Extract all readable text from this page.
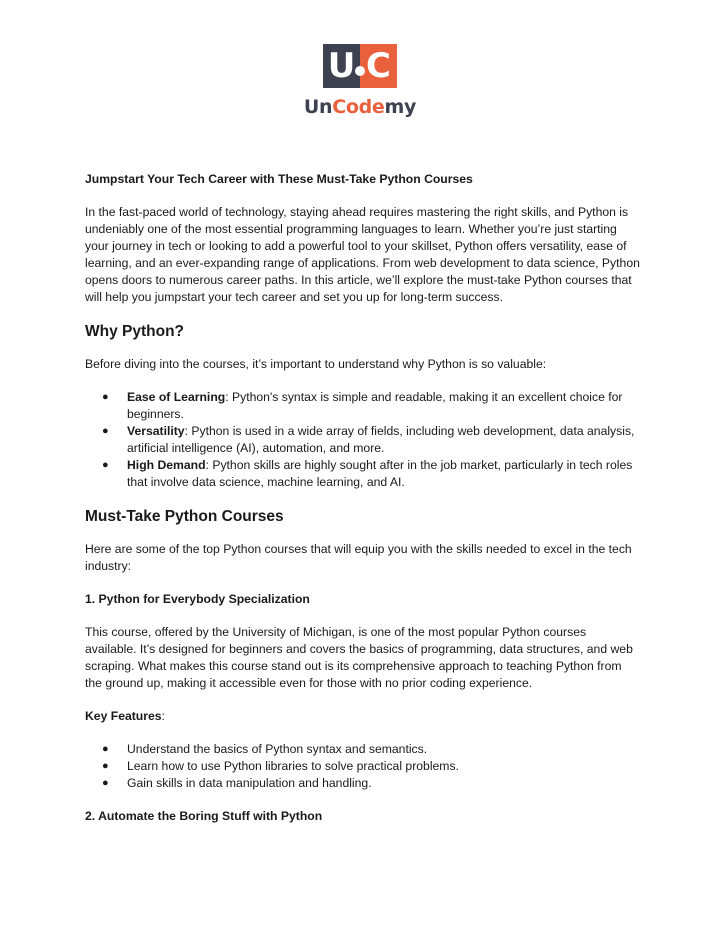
U C
UnCodemy

Jumpstart Your Tech Career with These Must-Take Python Courses

In the fast-paced world of technology, staying ahead requires mastering the right skills, and Python is undeniably one of the most essential programming languages to learn. Whether you’re just starting your journey in tech or looking to add a powerful tool to your skillset, Python offers versatility, ease of learning, and an ever-expanding range of applications. From web development to data science, Python opens doors to numerous career paths. In this article, we’ll explore the must-take Python courses that will help you jumpstart your tech career and set you up for long-term success.

Why Python?

Before diving into the courses, it’s important to understand why Python is so valuable:

● Ease of Learning: Python's syntax is simple and readable, making it an excellent choice for beginners.
● Versatility: Python is used in a wide array of fields, including web development, data analysis, artificial intelligence (AI), automation, and more.
● High Demand: Python skills are highly sought after in the job market, particularly in tech roles that involve data science, machine learning, and AI.
Must-Take Python Courses

Here are some of the top Python courses that will equip you with the skills needed to excel in the tech industry:

1. Python for Everybody Specialization

This course, offered by the University of Michigan, is one of the most popular Python courses available. It’s designed for beginners and covers the basics of programming, data structures, and web scraping. What makes this course stand out is its comprehensive approach to teaching Python from the ground up, making it accessible even for those with no prior coding experience.

Key Features:

● Understand the basics of Python syntax and semantics.
● Learn how to use Python libraries to solve practical problems.
● Gain skills in data manipulation and handling.
2. Automate the Boring Stuff with Python
